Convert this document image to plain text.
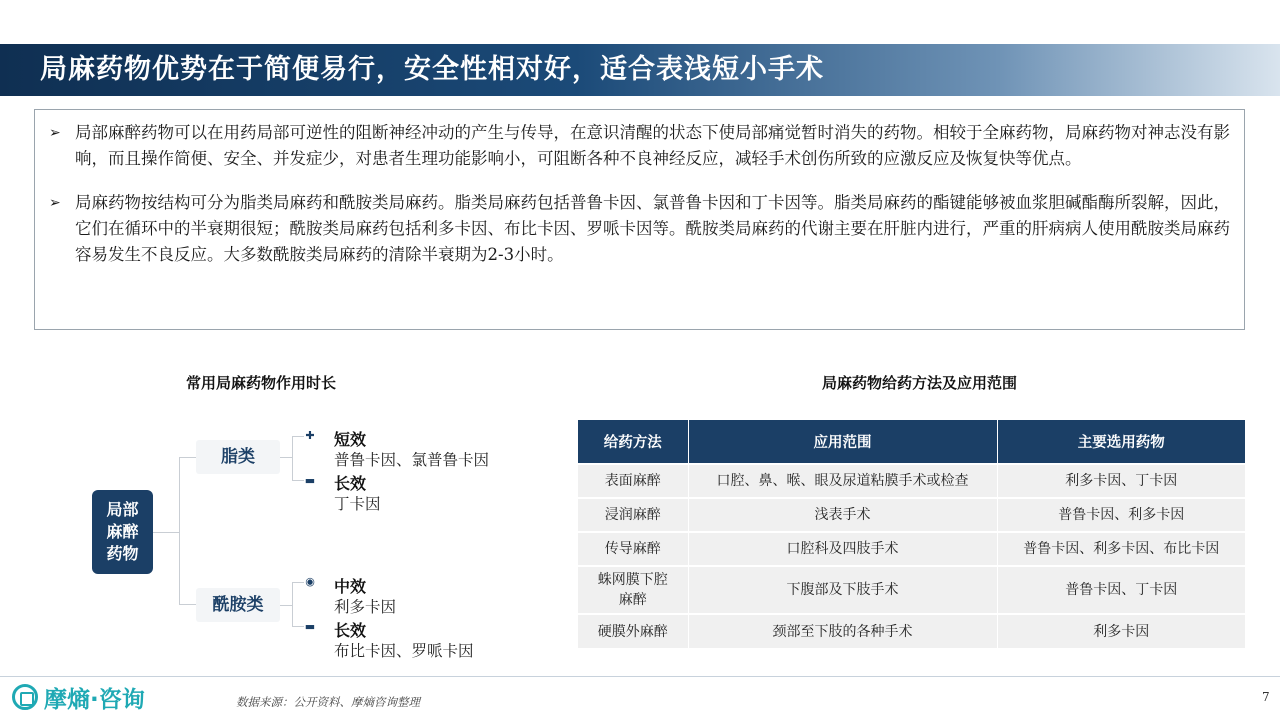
局麻药物优势在于简便易行，安全性相对好，适合表浅短小手术
➢ 局部麻醉药物可以在用药局部可逆性的阻断神经冲动的产生与传导，在意识清醒的状态下使局部痛觉暂时消失的药物。相较于全麻药物，局麻药物对神志没有影响，而且操作简便、安全、并发症少，对患者生理功能影响小，可阻断各种不良神经反应，减轻手术创伤所致的应激反应及恢复快等优点。
➢ 局麻药物按结构可分为脂类局麻药和酰胺类局麻药。脂类局麻药包括普鲁卡因、氯普鲁卡因和丁卡因等。脂类局麻药的酯键能够被血浆胆碱酯酶所裂解，因此，它们在循环中的半衰期很短；酰胺类局麻药包括利多卡因、布比卡因、罗哌卡因等。酰胺类局麻药的代谢主要在肝脏内进行，严重的肝病病人使用酰胺类局麻药容易发生不良反应。大多数酰胺类局麻药的清除半衰期为2-3小时。
常用局麻药物作用时长	局麻药物给药方法及应用范围
局部
麻醉
药物
脂类
酰胺类
✚ 短效
普鲁卡因、氯普鲁卡因
▬ 长效
丁卡因
◉ 中效
利多卡因
▬ 长效
布比卡因、罗哌卡因
给药方法	应用范围	主要选用药物
表面麻醉	口腔、鼻、喉、眼及尿道粘膜手术或检查	利多卡因、丁卡因
浸润麻醉	浅表手术	普鲁卡因、利多卡因
传导麻醉	口腔科及四肢手术	普鲁卡因、利多卡因、布比卡因
蛛网膜下腔
麻醉	下腹部及下肢手术	普鲁卡因、丁卡因
硬膜外麻醉	颈部至下肢的各种手术	利多卡因
摩熵·咨询	数据来源：公开资料、摩熵咨询整理	7
